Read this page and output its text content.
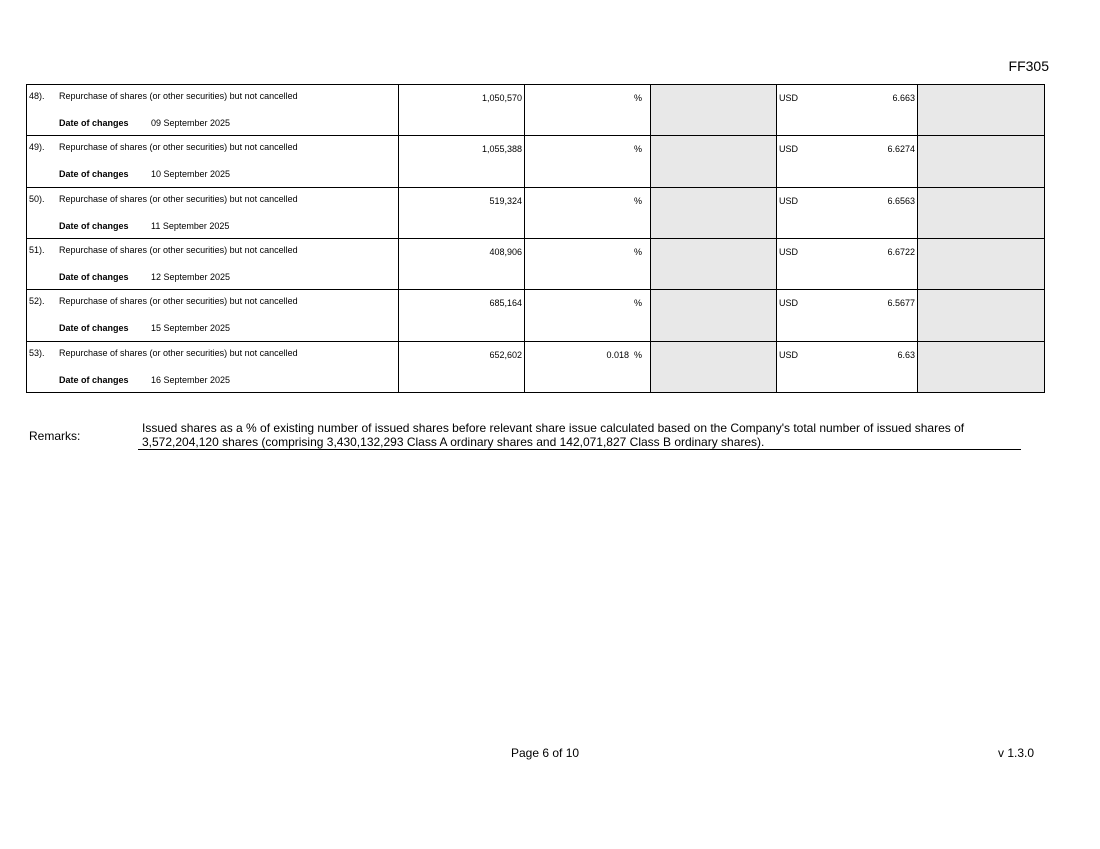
FF305
48). Repurchase of shares (or other securities) but not cancelled
Date of changes 09 September 2025	1,050,570	%		USD 6.663	

49). Repurchase of shares (or other securities) but not cancelled
Date of changes 10 September 2025	1,055,388	%		USD 6.6274	

50). Repurchase of shares (or other securities) but not cancelled
Date of changes 11 September 2025	519,324	%		USD 6.6563	

51). Repurchase of shares (or other securities) but not cancelled
Date of changes 12 September 2025	408,906	%		USD 6.6722	

52). Repurchase of shares (or other securities) but not cancelled
Date of changes 15 September 2025	685,164	%		USD 6.5677	

53). Repurchase of shares (or other securities) but not cancelled
Date of changes 16 September 2025	652,602	0.018 %		USD 6.63	

Remarks:
Issued shares as a % of existing number of issued shares before relevant share issue calculated based on the Company's total number of issued shares of 3,572,204,120 shares (comprising 3,430,132,293 Class A ordinary shares and 142,071,827 Class B ordinary shares).
Page 6 of 10	v 1.3.0
